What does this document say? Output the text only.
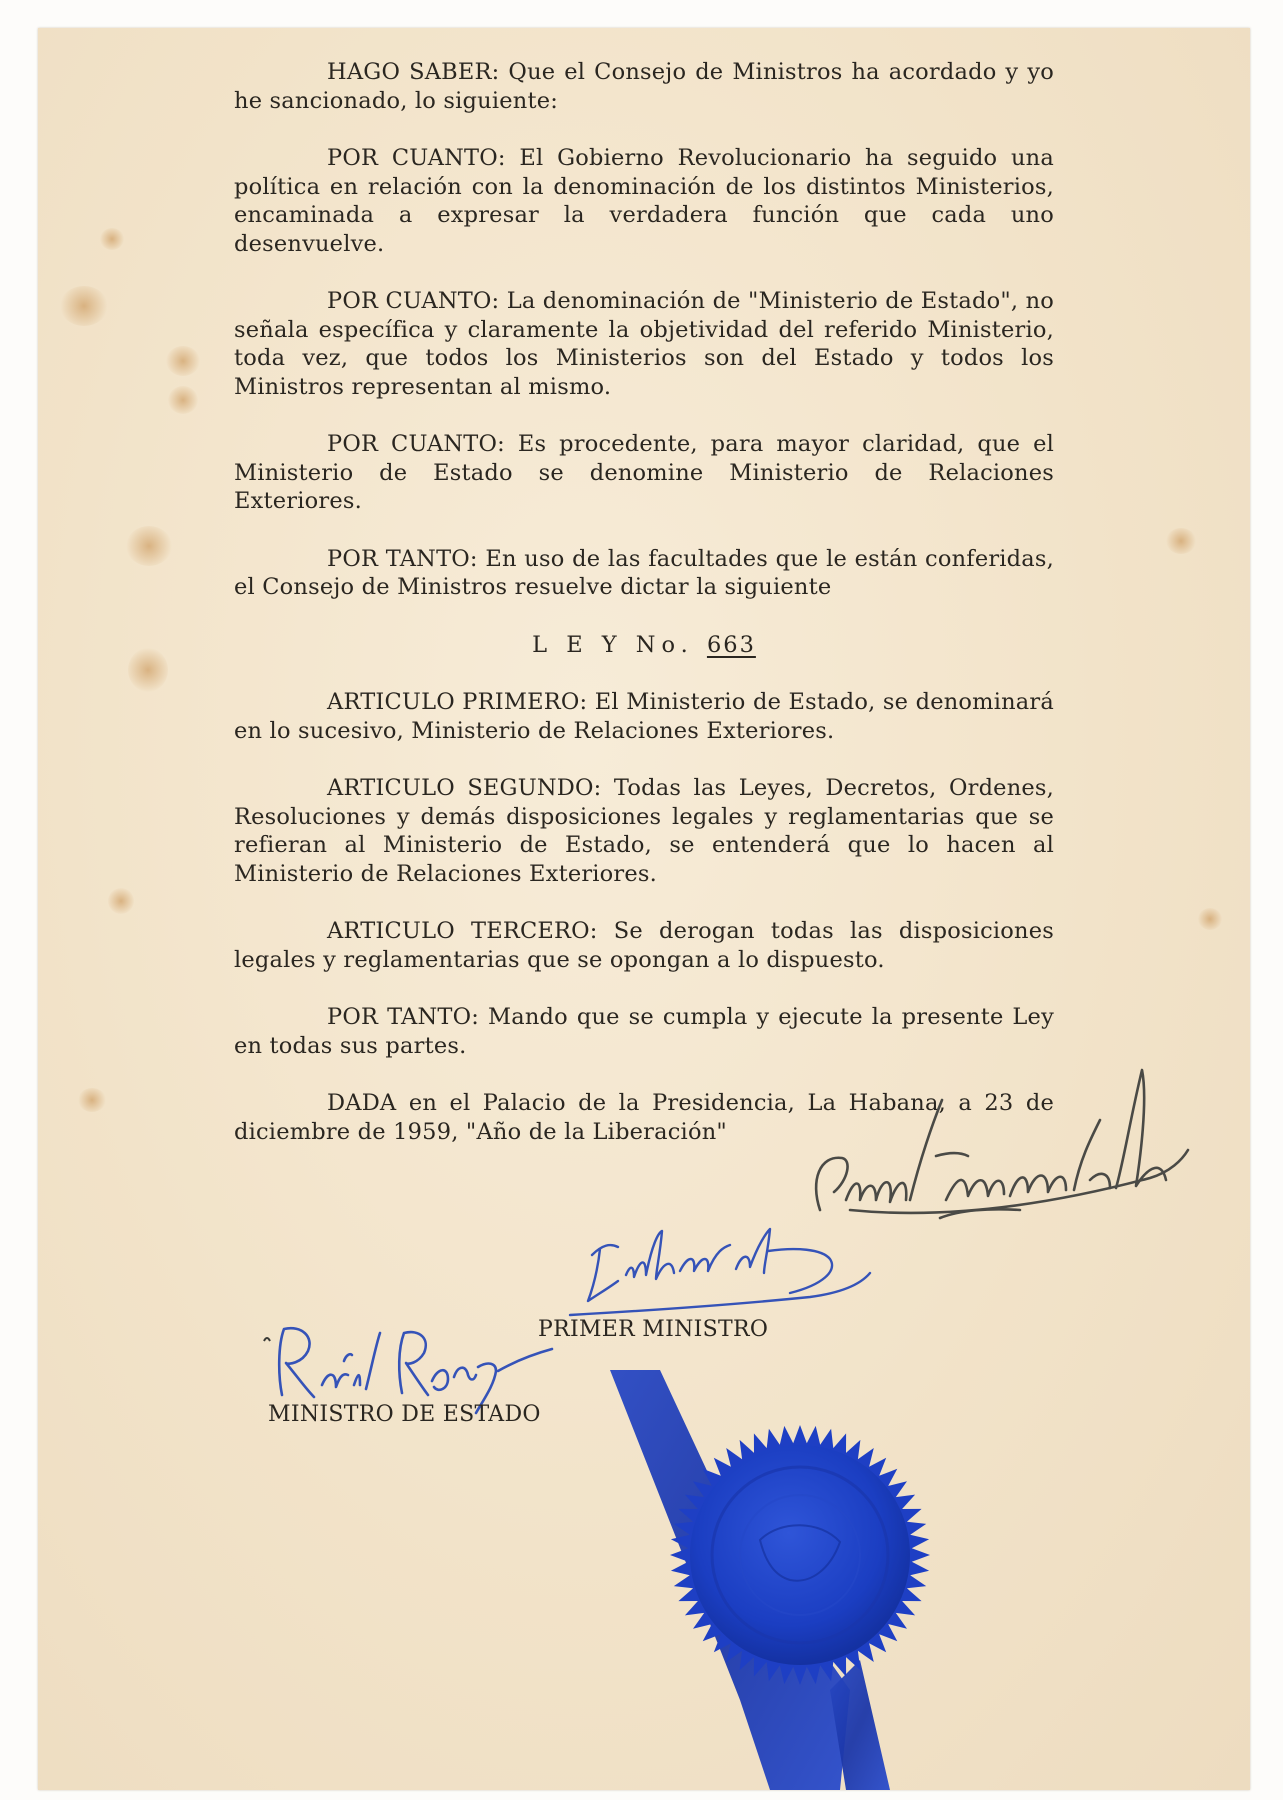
HAGO SABER: Que el Consejo de Ministros ha acordado y yo he sancionado, lo siguiente:

POR CUANTO: El Gobierno Revolucionario ha seguido una política en relación con la denominación de los distintos Ministerios, encaminada a expresar la verdadera función que cada uno desenvuelve.

POR CUANTO: La denominación de "Ministerio de Estado", no señala específica y claramente la objetividad del referido Ministerio, toda vez, que todos los Ministerios son del Estado y todos los Ministros representan al mismo.

POR CUANTO: Es procedente, para mayor claridad, que el Ministerio de Estado se denomine Ministerio de Relaciones Exteriores.

POR TANTO: En uso de las facultades que le están conferidas, el Consejo de Ministros resuelve dictar la siguiente

L E Y No. 663

ARTICULO PRIMERO: El Ministerio de Estado, se denominará en lo sucesivo, Ministerio de Relaciones Exteriores.

ARTICULO SEGUNDO: Todas las Leyes, Decretos, Ordenes, Resoluciones y demás disposiciones legales y reglamentarias que se refieran al Ministerio de Estado, se entenderá que lo hacen al Ministerio de Relaciones Exteriores.

ARTICULO TERCERO: Se derogan todas las disposiciones legales y reglamentarias que se opongan a lo dispuesto.

POR TANTO: Mando que se cumpla y ejecute la presente Ley en todas sus partes.

DADA en el Palacio de la Presidencia, La Habana, a 23 de diciembre de 1959, "Año de la Liberación"

PRIMER MINISTRO
MINISTRO DE ESTADO
